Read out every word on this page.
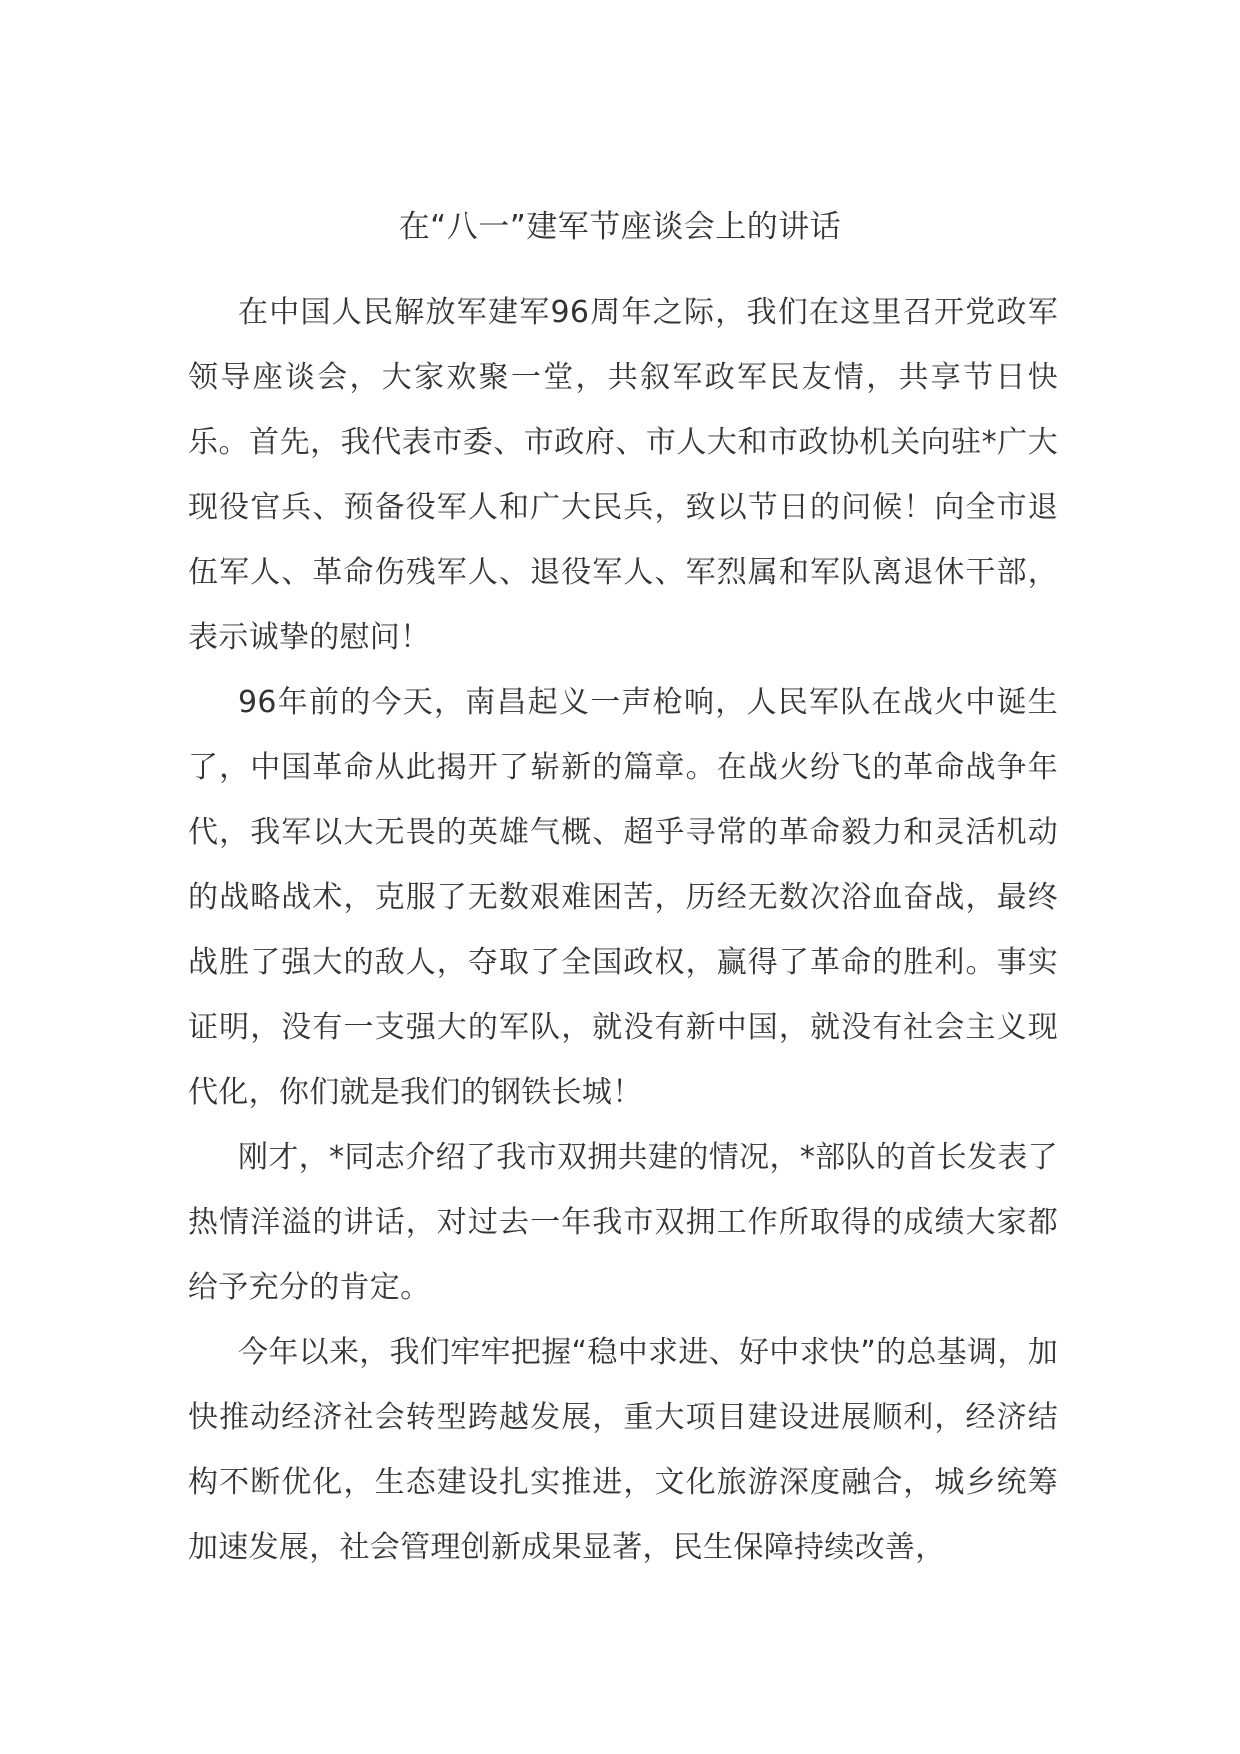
在“八一”建军节座谈会上的讲话

在中国人民解放军建军96周年之际，我们在这里召开党政军领导座谈会，大家欢聚一堂，共叙军政军民友情，共享节日快乐。首先，我代表市委、市政府、市人大和市政协机关向驻*广大现役官兵、预备役军人和广大民兵，致以节日的问候！向全市退伍军人、革命伤残军人、退役军人、军烈属和军队离退休干部，表示诚挚的慰问！

96年前的今天，南昌起义一声枪响，人民军队在战火中诞生了，中国革命从此揭开了崭新的篇章。在战火纷飞的革命战争年代，我军以大无畏的英雄气概、超乎寻常的革命毅力和灵活机动的战略战术，克服了无数艰难困苦，历经无数次浴血奋战，最终战胜了强大的敌人，夺取了全国政权，赢得了革命的胜利。事实证明，没有一支强大的军队，就没有新中国，就没有社会主义现代化，你们就是我们的钢铁长城！

刚才，*同志介绍了我市双拥共建的情况，*部队的首长发表了热情洋溢的讲话，对过去一年我市双拥工作所取得的成绩大家都给予充分的肯定。

今年以来，我们牢牢把握“稳中求进、好中求快”的总基调，加快推动经济社会转型跨越发展，重大项目建设进展顺利，经济结构不断优化，生态建设扎实推进，文化旅游深度融合，城乡统筹加速发展，社会管理创新成果显著，民生保障持续改善，
